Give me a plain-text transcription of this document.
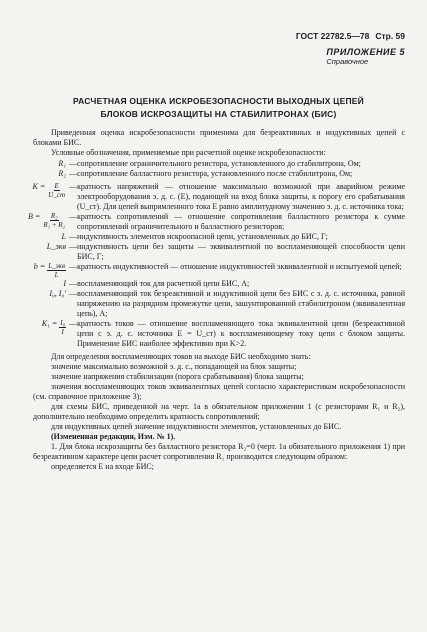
ГОСТ 22782.5—78 Стр. 59
ПРИЛОЖЕНИЕ 5
Справочное
РАСЧЕТНАЯ ОЦЕНКА ИСКРОБЕЗОПАСНОСТИ ВЫХОДНЫХ ЦЕПЕЙ
БЛОКОВ ИСКРОЗАЩИТЫ НА СТАБИЛИТРОНАХ (БИС)

Приведенная оценка искробезопасности применима для безреактивных и индуктивных цепей с блоками БИС.

Условные обозначения, применяемые при расчетной оценке искробезопасности:

R₁ — сопротивление ограничительного резистора, установленного до стабилитрона, Ом;
R₂ — сопротивление балластного резистора, установленного после стабилитрона, Ом;
$K = \frac{E}{U\_ст}$ — кратность напряжений — отношение максимально возможной при аварийном режиме электрооборудования э. д. с. (E), подающей на вход блока защиты, к порогу его срабатывания (U_ст). Для цепей выпрямленного тока E равно амплитудному значению э. д. с. источника тока;
$B = \frac{\text{R₂}}{\text{R₁ + R₂}}$ — кратность сопротивлений — отношение сопротивления балластного резистора к сумме сопротивлений ограничительного и балластного резисторов;
L — индуктивность элементов искроопасной цепи, установленных до БИС, Г;
L_экв — индуктивность цепи без защиты — эквивалентной по воспламеняющей способности цепи БИС, Г;
$b = \frac{\text{L\_экв}}{L}$ — кратность индуктивностей — отношение индуктивностей эквивалентной и испытуемой цепей;
I — воспламеняющий ток для расчетной цепи БИС, А;
I₀, I₀′ — воспламеняющий ток безреактивной и индуктивной цепи без БИС с э. д. с. источника, равной напряжению на разрядном промежутке цепи, зашунтированной стабилитроном (эквивалентная цепь), А;
$K_1 = \frac{\text{I₀}}{I}$ — кратность токов — отношение воспламеняющего тока эквивалентной цепи (безреактивной цепи с э. д. с. источника E = U_ст) к воспламеняющему току цепи с блоком защиты. Применение БИС наиболее эффективно при K>2.

Для определения воспламеняющих токов на выходе БИС необходимо знать:

значение максимально возможной э. д. с., попадающей на блок защиты;

значение напряжения стабилизации (порога срабатывания) блока защиты;

значения воспламеняющих токов эквивалентных цепей согласно характеристикам искробезопасности (см. справочное приложение 3);

для схемы БИС, приведенной на черт. 1а в обязательном приложении 1 (с резисторами R₁ и R₂), дополнительно необходимо определить кратность сопротивлений;

для индуктивных цепей значение индуктивности элементов, установленных до БИС.

(Измененная редакция, Изм. № 1).

1. Для блока искрозащиты без балластного резистора R₂=0 (черт. 1а обязательного приложения 1) при безреактивном характере цепи расчет сопротивления R₁ производится следующим образом:

определяется E на входе БИС;
